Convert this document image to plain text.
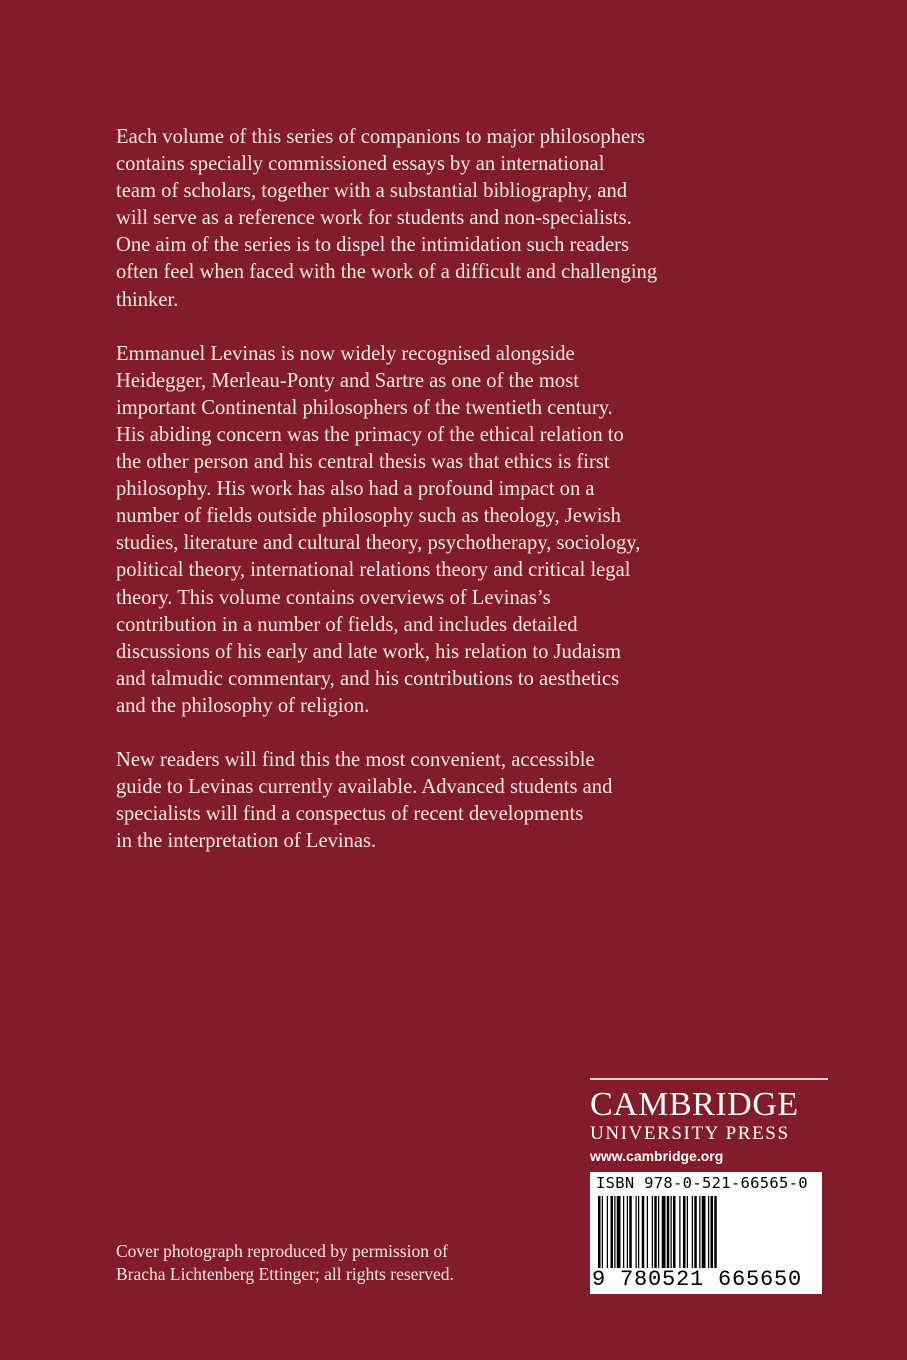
Each volume of this series of companions to major philosophers
contains specially commissioned essays by an international
team of scholars, together with a substantial bibliography, and
will serve as a reference work for students and non-specialists.
One aim of the series is to dispel the intimidation such readers
often feel when faced with the work of a difficult and challenging
thinker.

Emmanuel Levinas is now widely recognised alongside
Heidegger, Merleau-Ponty and Sartre as one of the most
important Continental philosophers of the twentieth century.
His abiding concern was the primacy of the ethical relation to
the other person and his central thesis was that ethics is first
philosophy. His work has also had a profound impact on a
number of fields outside philosophy such as theology, Jewish
studies, literature and cultural theory, psychotherapy, sociology,
political theory, international relations theory and critical legal
theory. This volume contains overviews of Levinas’s
contribution in a number of fields, and includes detailed
discussions of his early and late work, his relation to Judaism
and talmudic commentary, and his contributions to aesthetics
and the philosophy of religion.

New readers will find this the most convenient, accessible
guide to Levinas currently available. Advanced students and
specialists will find a conspectus of recent developments
in the interpretation of Levinas.

Cover photograph reproduced by permission of
Bracha Lichtenberg Ettinger; all rights reserved.
CAMBRIDGE
UNIVERSITY PRESS
www.cambridge.org
ISBN 978-0-521-66565-0
9 780521 665650
